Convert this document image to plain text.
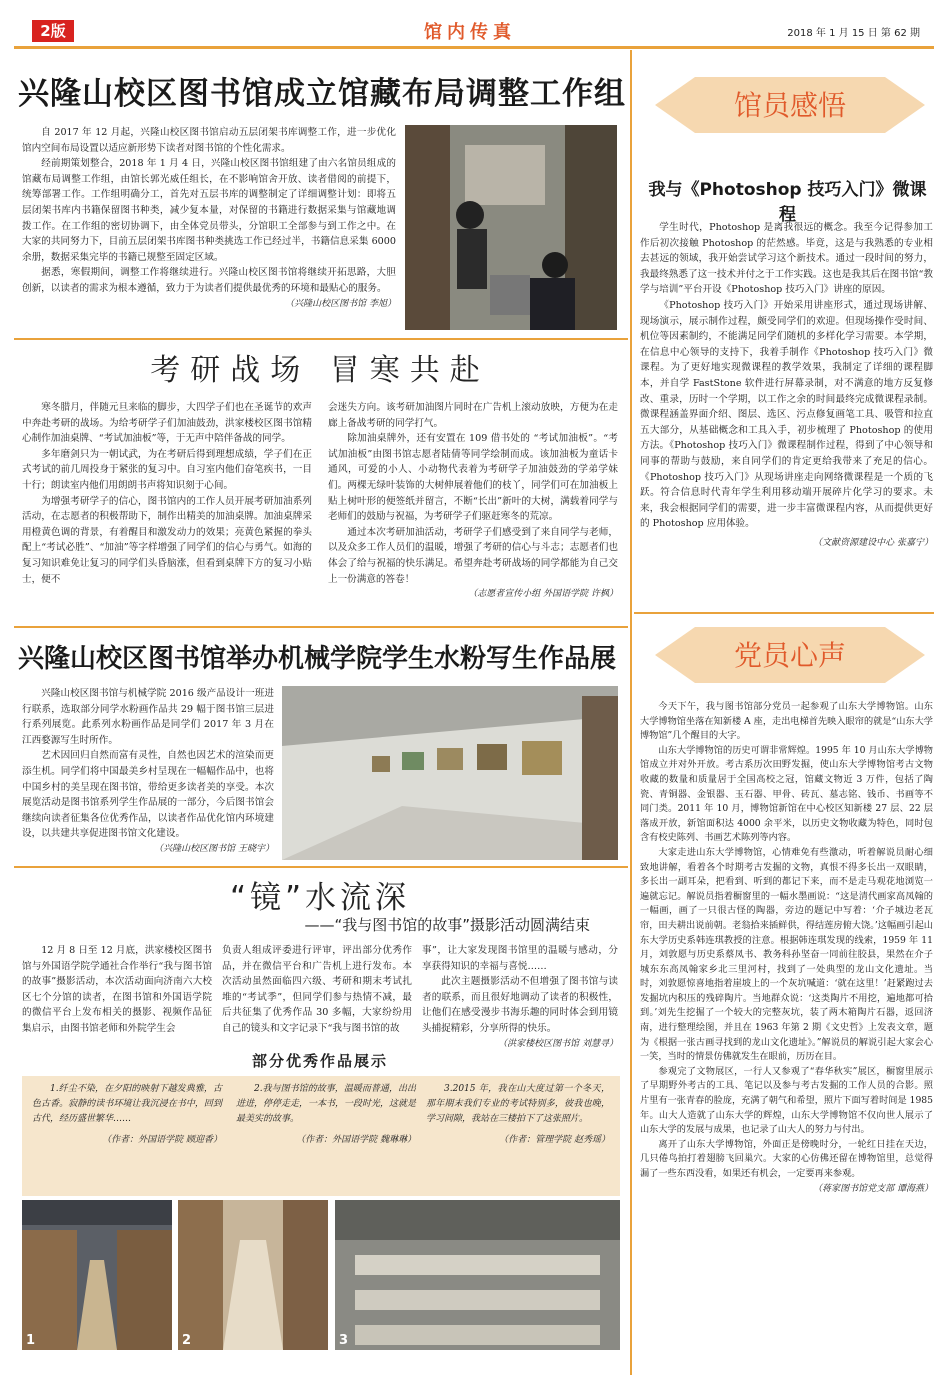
2版	馆内传真	2018 年 1 月 15 日 第 62 期
兴隆山校区图书馆成立馆藏布局调整工作组

自 2017 年 12 月起，兴隆山校区图书馆启动五层闭架书库调整工作，进一步优化馆内空间布局设置以适应新形势下读者对图书馆的个性化需求。

经前期策划整合，2018 年 1 月 4 日，兴隆山校区图书馆组建了由六名馆员组成的馆藏布局调整工作组，由馆长郭光威任组长，在不影响馆舍开放、读者借阅的前提下，统筹部署工作。工作组明确分工，首先对五层书库的调整制定了详细调整计划：即将五层闭架书库内书籍保留图书种类，减少复本量，对保留的书籍进行数据采集与馆藏地调拨工作。在工作组的密切协调下，由全体党员带头，分馆职工全部参与到工作之中。在大家的共同努力下，目前五层闭架书库图书种类挑选工作已经过半，书籍信息采集 6000 余册，数据采集完毕的书籍已规整至固定区域。

据悉，寒假期间，调整工作将继续进行。兴隆山校区图书馆将继续开拓思路，大胆创新，以读者的需求为根本遵循，致力于为读者们提供最优秀的环境和最贴心的服务。

（兴隆山校区图书馆 李旭）
考研战场 冒寒共赴

寒冬腊月，伴随元旦来临的脚步，大四学子们也在圣诞节的欢声中奔赴考研的战场。为给考研学子们加油鼓劲，洪家楼校区图书馆精心制作加油桌牌、“考试加油板”等，于无声中陪伴备战的同学。

多年磨剑只为一朝试武，为在考研后得到理想成绩，学子们在正式考试的前几周投身于紧张的复习中。自习室内他们奋笔疾书，一目十行；朗读室内他们用朗朗书声将知识刻于心间。

为增强考研学子的信心，图书馆内的工作人员开展考研加油系列活动，在志愿者的积极帮助下，制作出精美的加油桌牌。加油桌牌采用橙黄色调的背景，有着醒目和激发动力的效果；亮黄色紧握的拳头配上“考试必胜”、“加油”等字样增强了同学们的信心与勇气。如海的复习知识难免让复习的同学们头昏脑涨，但看到桌牌下方的复习小贴士，便不

会迷失方向。该考研加油图片同时在广告机上滚动放映，方便为在走廊上备战考研的同学打气。

除加油桌牌外，还有安置在 109 借书处的 “考试加油板”。“考试加油板”由图书馆志愿者陆倩等同学绘制而成。该加油板为童话卡通风，可爱的小人、小动物代表着为考研学子加油鼓劲的学弟学妹们。两棵无绿叶装饰的大树伸展着他们的枝丫，同学们可在加油板上贴上树叶形的便签纸并留言，不断“长出”新叶的大树，满载着同学与老师们的鼓励与祝福，为考研学子们驱赶寒冬的荒凉。

通过本次考研加油活动，考研学子们感受到了来自同学与老师，以及众多工作人员们的温暖，增强了考研的信心与斗志；志愿者们也体会了给与祝福的快乐满足。希望奔赴考研战场的同学都能为自己交上一份满意的答卷！

（志愿者宣传小组 外国语学院 许枫）
兴隆山校区图书馆举办机械学院学生水粉写生作品展

兴隆山校区图书馆与机械学院 2016 级产品设计一班进行联系，选取部分同学水粉画作品共 29 幅于图书馆三层进行系列展览。此系列水粉画作品是同学们 2017 年 3 月在江西婺源写生时所作。

艺术因回归自然而富有灵性，自然也因艺术的渲染而更添生机。同学们将中国最美乡村呈现在一幅幅作品中，也将中国乡村的美呈现在图书馆，带给更多读者美的享受。本次展览活动是图书馆系列学生作品展的一部分，今后图书馆会继续向读者征集各位优秀作品，以读者作品优化馆内环境建设，以共建共享促进图书馆文化建设。

（兴隆山校区图书馆 王晓宇）
“镜”水流深
——“我与图书馆的故事”摄影活动圆满结束

12 月 8 日至 12 月底，洪家楼校区图书馆与外国语学院学通社合作举行“我与图书馆的故事”摄影活动，本次活动面向济南六大校区七个分馆的读者，在图书馆和外国语学院的微信平台上发布相关的摄影、视频作品征集启示，由图书馆老师和外院学生会

负责人组成评委进行评审，评出部分优秀作品，并在微信平台和广告机上进行发布。本次活动虽然面临四六级、考研和期末考试扎堆的“考试季”，但同学们参与热情不减，最后共征集了优秀作品 30 多幅，大家纷纷用自己的镜头和文字记录下“我与图书馆的故

事”，让大家发现图书馆里的温暖与感动，分享获得知识的幸福与喜悦……

此次主题摄影活动不但增强了图书馆与读者的联系，而且很好地调动了读者的积极性，让他们在感受漫步书海乐趣的同时体会到用镜头捕捉精彩，分享所得的快乐。

（洪家楼校区图书馆 刘慧寻）
部分优秀作品展示

1.纤尘不染，在夕阳的映射下越发典雅，古色古香。寂静的读书环境让我沉浸在书中，回到古代，经历盛世繁华……

（作者：外国语学院 顾迎香）

2.我与图书馆的故事，温暖而普通，出出进进，停停走走，一本书，一段时光，这就是最美实的故事。

（作者：外国语学院 魏琳琳）

3.2015 年，我在山大度过第一个冬天，那年期末我们专业的考试特别多，彼我也晚，学习间隙，我站在三楼拍下了这张照片。

（作者：管理学院 赵秀瑶）
1	2	3
馆员感悟
我与《Photoshop 技巧入门》微课程

学生时代，Photoshop 是离我很远的概念。我至今记得参加工作后初次接触 Photoshop 的茫然感。毕竟，这是与我熟悉的专业相去甚远的领域，我开始尝试学习这个新技术。通过一段时间的努力，我最终熟悉了这一技术并付之于工作实践。这也是我其后在图书馆“教学与培训”平台开设《Photoshop 技巧入门》讲座的原因。

《Photoshop 技巧入门》开始采用讲座形式，通过现场讲解、现场演示，展示制作过程，颇受同学们的欢迎。但现场操作受时间、机位等因素制约，不能满足同学们随机的多样化学习需要。本学期，在信息中心领导的支持下，我着手制作《Photoshop 技巧入门》微课程。为了更好地实现微课程的教学效果，我制定了详细的课程脚本，并自学 FastStone 软件进行屏幕录制，对不满意的地方反复修改、重录，历时一个学期，以工作之余的时间最终完成微课程录制。微课程涵盖界面介绍、图层、选区、污点修复画笔工具、吸管和拉直五大部分，从基础概念和工具入手，初步梳理了 Photoshop 的使用方法。《Photoshop 技巧入门》微课程制作过程，得到了中心领导和同事的帮助与鼓励，来自同学们的肯定更给我带来了充足的信心。《Photoshop 技巧入门》从现场讲座走向网络微课程是一个质的飞跃。符合信息时代青年学生利用移动端开展碎片化学习的要求。未来，我会根据同学们的需要，进一步丰富微课程内容，从而提供更好的 Photoshop 应用体验。

（文献资源建设中心 张嘉宁）
党员心声

今天下午，我与图书馆部分党员一起参观了山东大学博物馆。山东大学博物馆坐落在知新楼 A 座，走出电梯首先映入眼帘的就是“山东大学博物馆”几个醒目的大字。

山东大学博物馆的历史可谓非常辉煌。1995 年 10 月山东大学博物馆成立并对外开放。考古系历次田野发掘，使山东大学博物馆考古文物收藏的数量和质量居于全国高校之冠，馆藏文物近 3 万件，包括了陶瓷、青铜器、金银器、玉石器、甲骨、砖瓦、墓志铭、钱币、书画等不同门类。2011 年 10 月，博物馆新馆在中心校区知新楼 27 层、22 层落成开放，新馆面积达 4000 余平米，以历史文物收藏为特色，同时包含有校史陈列、书画艺术陈列等内容。

大家走进山东大学博物馆，心情难免有些激动，听着解说员耐心细致地讲解，看着各个时期考古发掘的文物，真恨不得多长出一双眼睛，多长出一副耳朵，把看到、听到的都记下来，而不是走马观花地浏览一遍就忘记。解说员指着橱窗里的一幅水墨画说：“这是清代画家高凤翰的一幅画，画了一只很古怪的陶器，旁边的题记中写着：‘介子城边老瓦帘，田夫耕出说前朝。老翁拾来插鲜供，得结莲房俯大饶。’这幅画引起山东大学历史系韩连琪教授的注意。根据韩连琪发现的线索，1959 年 11 月，刘敦愿与历史系蔡凤书、教务科孙坚奋一同前往胶县，果然在介子城东东高凤翰家乡北三里河村，找到了一处典型的龙山文化遗址。当时，刘敦愿惊喜地指着崖坡上的一个灰坑喊道：‘就在这里！’赶紧跑过去发掘坑内积压的残碎陶片。当地群众说：‘这类陶片不用挖，遍地都可拾到。’刘先生挖掘了一个较大的完整灰坑，装了两木箱陶片石器，返回济南，进行整理绘图，并且在 1963 年第 2 期《文史哲》上发表文章，题为《根据一张古画寻找到的龙山文化遗址》。”解说员的解说引起大家会心一笑，当时的情景仿佛就发生在眼前，历历在目。

参观完了文物展区，一行人又参观了“春华秋实”展区，橱窗里展示了早期野外考古的工具、笔记以及参与考古发掘的工作人员的合影。照片里有一张青春的脸庞，充满了朝气和希望，照片下面写着时间是 1985 年。山大人造就了山东大学的辉煌，山东大学博物馆不仅向世人展示了山东大学的发展与成果，也记录了山大人的努力与付出。

离开了山东大学博物馆，外面正是傍晚时分，一轮红日挂在天边，几只倦鸟拍打着翅膀飞回巢穴。大家的心仿佛还留在博物馆里，总觉得漏了一些东西没看，如果还有机会，一定要再来参观。

（蒋家图书馆党支部 谭海燕）
